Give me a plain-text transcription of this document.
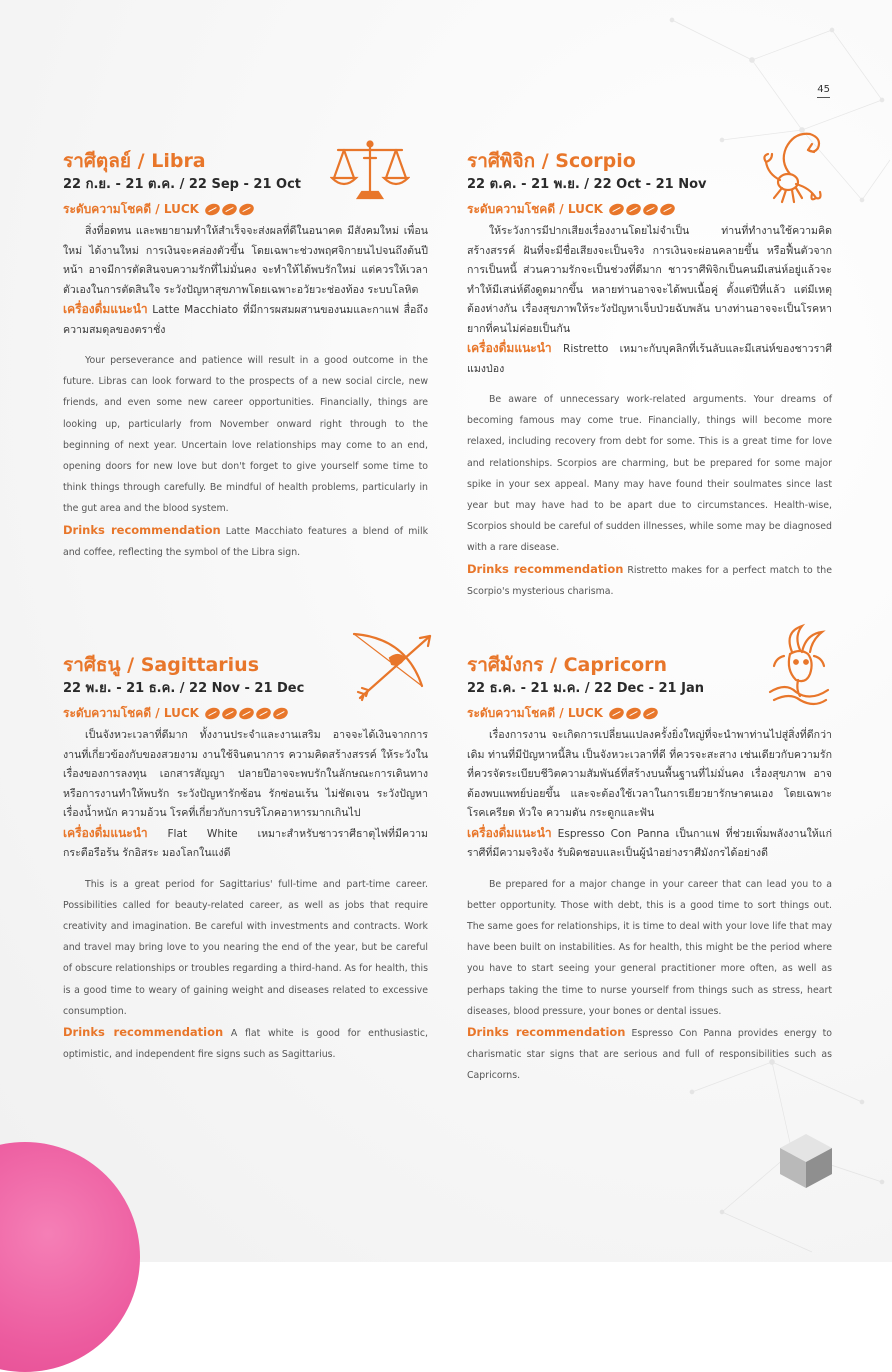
45
ราศีตุลย์ / Libra
22 ก.ย. - 21 ต.ค. / 22 Sep - 21 Oct
ระดับความโชคดี / LUCK
สิ่งที่อดทน และพยายามทำให้สำเร็จจะส่งผลที่ดีในอนาคต มีสังคมใหม่ เพื่อนใหม่ ได้งานใหม่ การเงินจะคล่องตัวขึ้น โดยเฉพาะช่วงพฤศจิกายนไปจนถึงต้นปีหน้า อาจมีการตัดสินจบความรักที่ไม่มั่นคง จะทำให้ได้พบรักใหม่ แต่ควรให้เวลาตัวเองในการตัดสินใจ ระวังปัญหาสุขภาพโดยเฉพาะอวัยวะช่องท้อง ระบบโลหิต
เครื่องดื่มแนะนำ Latte Macchiato ที่มีการผสมผสานของนมและกาแฟ สื่อถึงความสมดุลของตราชั่ง
Your perseverance and patience will result in a good outcome in the future. Libras can look forward to the prospects of a new social circle, new friends, and even some new career opportunities. Financially, things are looking up, particularly from November onward right through to the beginning of next year. Uncertain love relationships may come to an end, opening doors for new love but don't forget to give yourself some time to think things through carefully. Be mindful of health problems, particularly in the gut area and the blood system.
Drinks recommendation Latte Macchiato features a blend of milk and coffee, reflecting the symbol of the Libra sign.
ราศีพิจิก / Scorpio
22 ต.ค. - 21 พ.ย. / 22 Oct - 21 Nov
ระดับความโชคดี / LUCK
ให้ระวังการมีปากเสียงเรื่องงานโดยไม่จำเป็น ท่านที่ทำงานใช้ความคิดสร้างสรรค์ ฝันที่จะมีชื่อเสียงจะเป็นจริง การเงินจะผ่อนคลายขึ้น หรือฟื้นตัวจากการเป็นหนี้ ส่วนความรักจะเป็นช่วงที่ดีมาก ชาวราศีพิจิกเป็นคนมีเสน่ห์อยู่แล้วจะทำให้มีเสน่ห์ดึงดูดมากขึ้น หลายท่านอาจจะได้พบเนื้อคู่ ตั้งแต่ปีที่แล้ว แต่มีเหตุต้องห่างกัน เรื่องสุขภาพให้ระวังปัญหาเจ็บป่วยฉับพลัน บางท่านอาจจะเป็นโรคหายากที่คนไม่ค่อยเป็นกัน
เครื่องดื่มแนะนำ Ristretto เหมาะกับบุคลิกที่เร้นลับและมีเสน่ห์ของชาวราศีแมงป่อง
Be aware of unnecessary work-related arguments. Your dreams of becoming famous may come true. Financially, things will become more relaxed, including recovery from debt for some. This is a great time for love and relationships. Scorpios are charming, but be prepared for some major spike in your sex appeal. Many may have found their soulmates since last year but may have had to be apart due to circumstances. Health-wise, Scorpios should be careful of sudden illnesses, while some may be diagnosed with a rare disease.
Drinks recommendation Ristretto makes for a perfect match to the Scorpio's mysterious charisma.
ราศีธนู / Sagittarius
22 พ.ย. - 21 ธ.ค. / 22 Nov - 21 Dec
ระดับความโชคดี / LUCK
เป็นจังหวะเวลาที่ดีมาก ทั้งงานประจำและงานเสริม อาจจะได้เงินจากการงานที่เกี่ยวข้องกับของสวยงาม งานใช้จินตนาการ ความคิดสร้างสรรค์ ให้ระวังในเรื่องของการลงทุน เอกสารสัญญา ปลายปีอาจจะพบรักในลักษณะการเดินทาง หรือการงานทำให้พบรัก ระวังปัญหารักซ้อน รักซ่อนเร้น ไม่ชัดเจน ระวังปัญหาเรื่องน้ำหนัก ความอ้วน โรคที่เกี่ยวกับการบริโภคอาหารมากเกินไป
เครื่องดื่มแนะนำ Flat White เหมาะสำหรับชาวราศีธาตุไฟที่มีความกระตือรือร้น รักอิสระ มองโลกในแง่ดี
This is a great period for Sagittarius' full-time and part-time career. Possibilities called for beauty-related career, as well as jobs that require creativity and imagination. Be careful with investments and contracts. Work and travel may bring love to you nearing the end of the year, but be careful of obscure relationships or troubles regarding a third-hand. As for health, this is a good time to weary of gaining weight and diseases related to excessive consumption.
Drinks recommendation A flat white is good for enthusiastic, optimistic, and independent fire signs such as Sagittarius.
ราศีมังกร / Capricorn
22 ธ.ค. - 21 ม.ค. / 22 Dec - 21 Jan
ระดับความโชคดี / LUCK
เรื่องการงาน จะเกิดการเปลี่ยนแปลงครั้งยิ่งใหญ่ที่จะนำพาท่านไปสู่สิ่งที่ดีกว่าเดิม ท่านที่มีปัญหาหนี้สิน เป็นจังหวะเวลาที่ดี ที่ควรจะสะสาง เช่นเดียวกับความรัก ที่ควรจัดระเบียบชีวิตความสัมพันธ์ที่สร้างบนพื้นฐานที่ไม่มั่นคง เรื่องสุขภาพ อาจต้องพบแพทย์บ่อยขึ้น และจะต้องใช้เวลาในการเยียวยารักษาตนเอง โดยเฉพาะโรคเครียด หัวใจ ความดัน กระดูกและฟัน
เครื่องดื่มแนะนำ Espresso Con Panna เป็นกาแฟ ที่ช่วยเพิ่มพลังงานให้แก่ราศีที่มีความจริงจัง รับผิดชอบและเป็นผู้นำอย่างราศีมังกรได้อย่างดี
Be prepared for a major change in your career that can lead you to a better opportunity. Those with debt, this is a good time to sort things out. The same goes for relationships, it is time to deal with your love life that may have been built on instabilities. As for health, this might be the period where you have to start seeing your general practitioner more often, as well as perhaps taking the time to nurse yourself from things such as stress, heart diseases, blood pressure, your bones or dental issues.
Drinks recommendation Espresso Con Panna provides energy to charismatic star signs that are serious and full of responsibilities such as Capricorns.
